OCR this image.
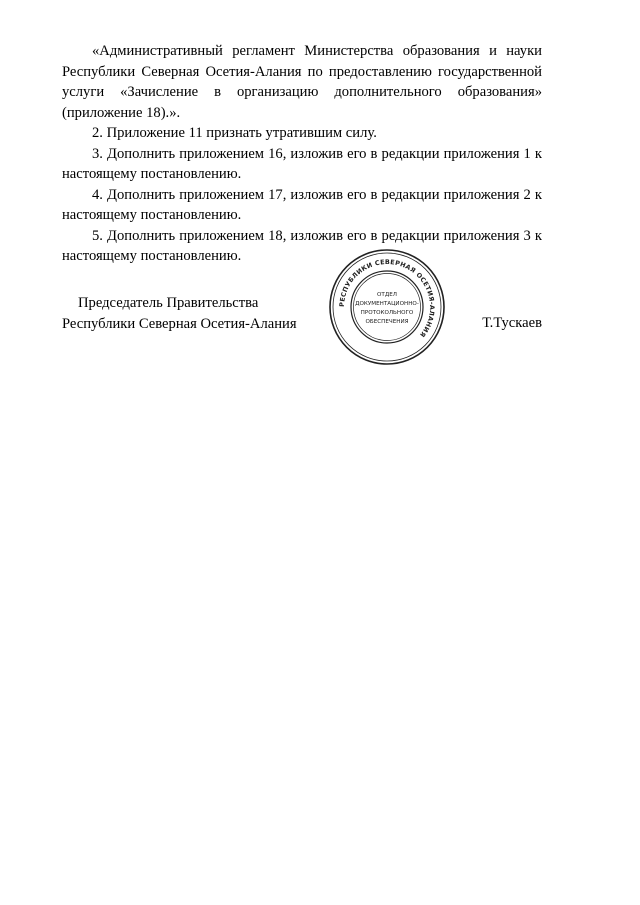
«Административный регламент Министерства образования и науки Республики Северная Осетия-Алания по предоставлению государственной услуги «Зачисление в организацию дополнительного образования» (приложение 18).».

2. Приложение 11 признать утратившим силу.

3. Дополнить приложением 16, изложив его в редакции приложения 1 к настоящему постановлению.

4. Дополнить приложением 17, изложив его в редакции приложения 2 к настоящему постановлению.

5. Дополнить приложением 18, изложив его в редакции приложения 3 к настоящему постановлению.

Председатель Правительства
Республики Северная Осетия-Алания	Т.Тускаев
РЕСПУБЛИКИ СЕВЕРНАЯ ОСЕТИЯ-АЛАНИЯ
ОТДЕЛ
ДОКУМЕНТАЦИОННО-
ПРОТОКОЛЬНОГО
ОБЕСПЕЧЕНИЯ
